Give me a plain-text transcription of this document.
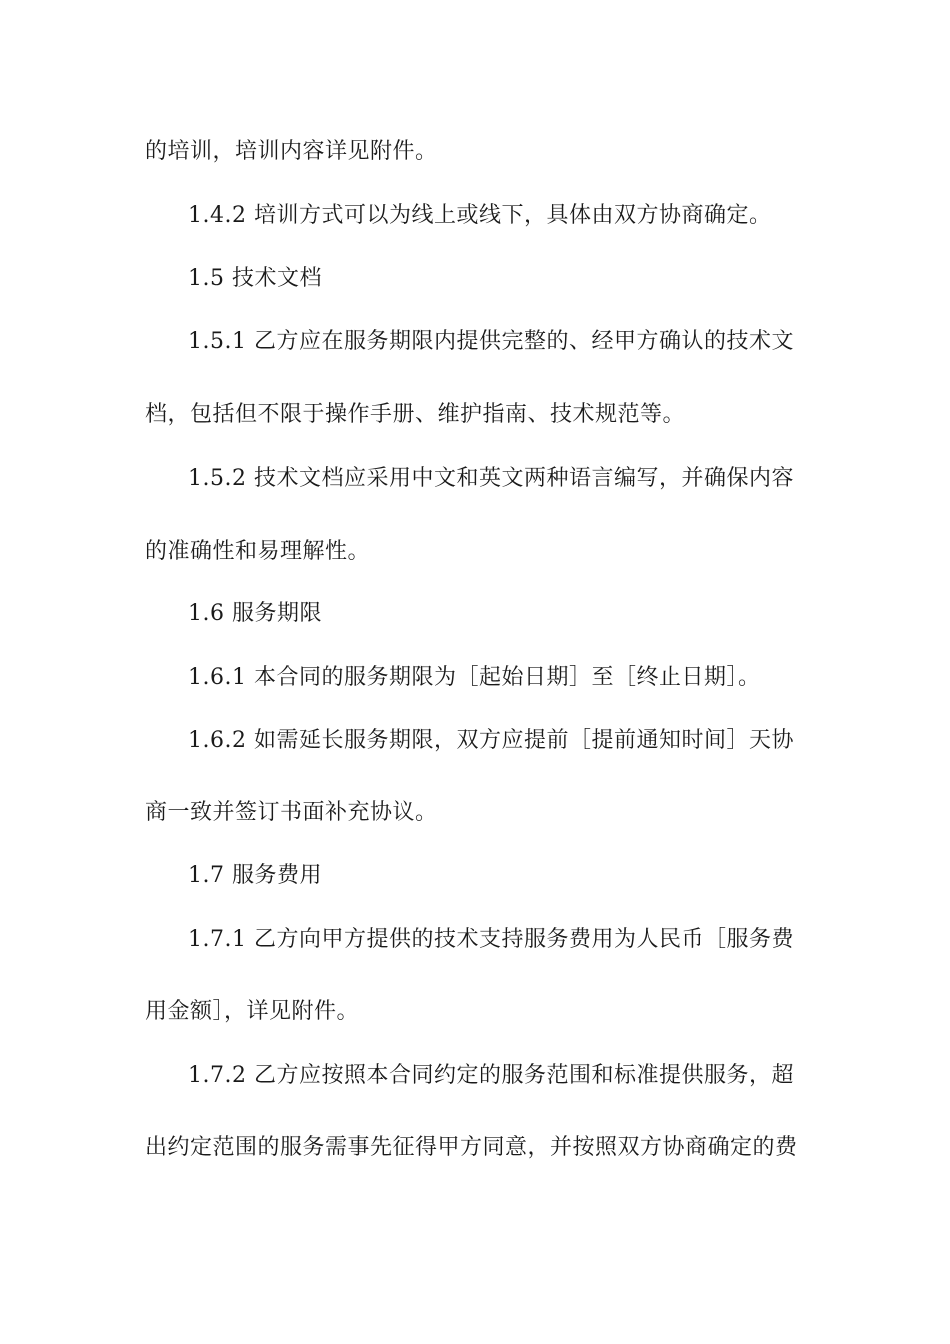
的培训，培训内容详见附件。
1.4.2 培训方式可以为线上或线下，具体由双方协商确定。
1.5 技术文档
1.5.1 乙方应在服务期限内提供完整的、经甲方确认的技术文
档，包括但不限于操作手册、维护指南、技术规范等。
1.5.2 技术文档应采用中文和英文两种语言编写，并确保内容
的准确性和易理解性。
1.6 服务期限
1.6.1 本合同的服务期限为［起始日期］至［终止日期］。
1.6.2 如需延长服务期限，双方应提前［提前通知时间］天协
商一致并签订书面补充协议。
1.7 服务费用
1.7.1 乙方向甲方提供的技术支持服务费用为人民币［服务费
用金额］，详见附件。
1.7.2 乙方应按照本合同约定的服务范围和标准提供服务，超
出约定范围的服务需事先征得甲方同意，并按照双方协商确定的费
